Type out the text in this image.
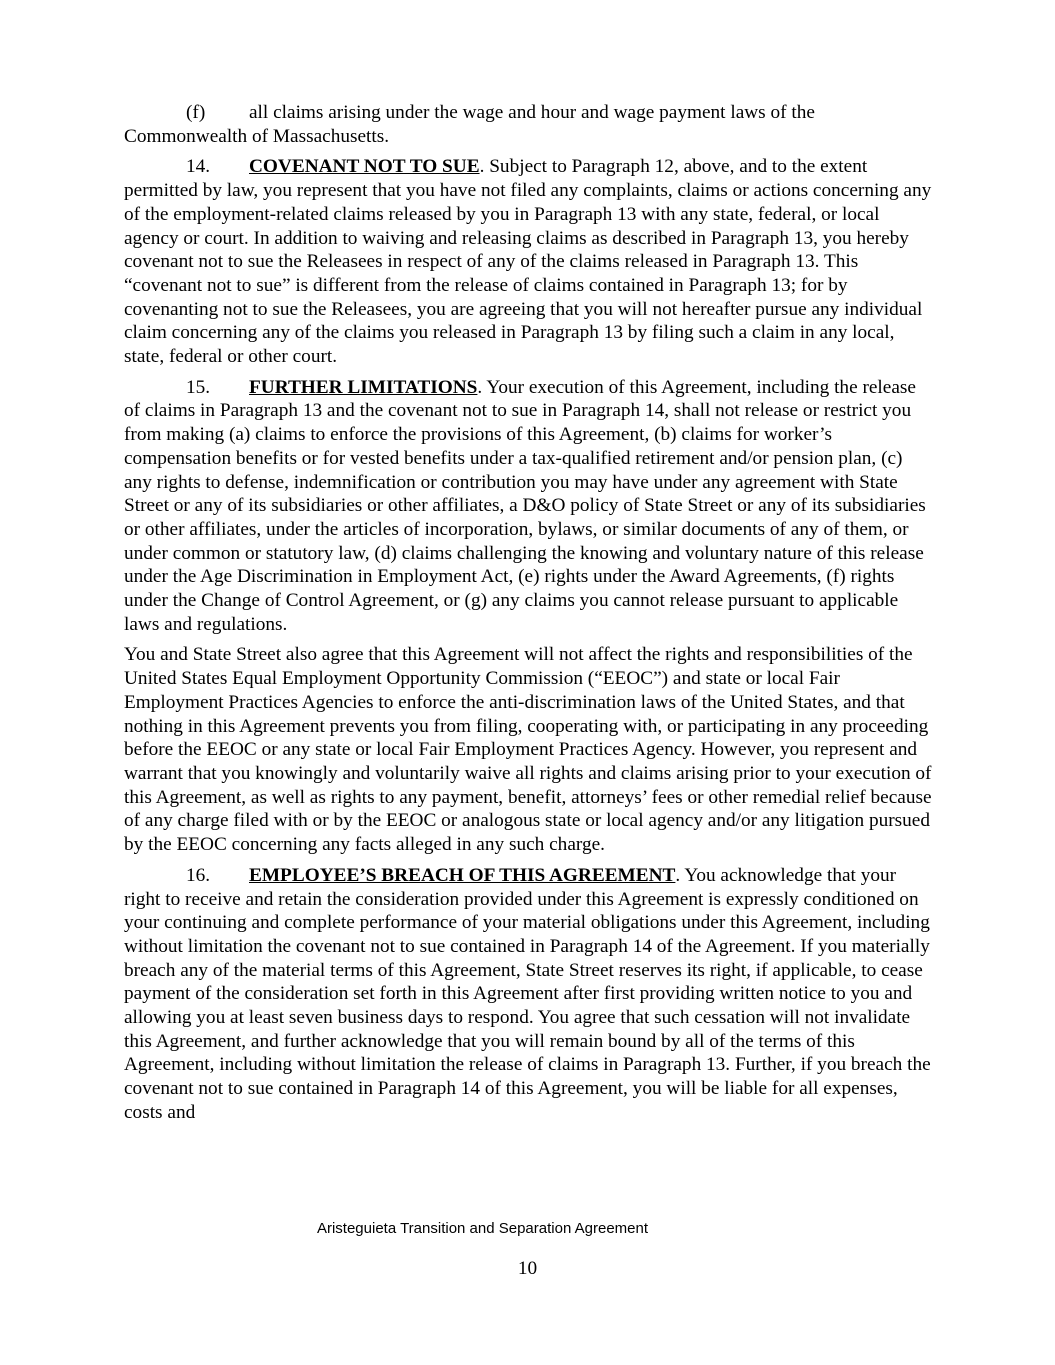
(f) all claims arising under the wage and hour and wage payment laws of the Commonwealth of Massachusetts.

14. COVENANT NOT TO SUE. Subject to Paragraph 12, above, and to the extent permitted by law, you represent that you have not filed any complaints, claims or actions concerning any of the employment-related claims released by you in Paragraph 13 with any state, federal, or local agency or court. In addition to waiving and releasing claims as described in Paragraph 13, you hereby covenant not to sue the Releasees in respect of any of the claims released in Paragraph 13. This “covenant not to sue” is different from the release of claims contained in Paragraph 13; for by covenanting not to sue the Releasees, you are agreeing that you will not hereafter pursue any individual claim concerning any of the claims you released in Paragraph 13 by filing such a claim in any local, state, federal or other court.

15. FURTHER LIMITATIONS. Your execution of this Agreement, including the release of claims in Paragraph 13 and the covenant not to sue in Paragraph 14, shall not release or restrict you from making (a) claims to enforce the provisions of this Agreement, (b) claims for worker’s compensation benefits or for vested benefits under a tax-qualified retirement and/or pension plan, (c) any rights to defense, indemnification or contribution you may have under any agreement with State Street or any of its subsidiaries or other affiliates, a D&O policy of State Street or any of its subsidiaries or other affiliates, under the articles of incorporation, bylaws, or similar documents of any of them, or under common or statutory law, (d) claims challenging the knowing and voluntary nature of this release under the Age Discrimination in Employment Act, (e) rights under the Award Agreements, (f) rights under the Change of Control Agreement, or (g) any claims you cannot release pursuant to applicable laws and regulations.

You and State Street also agree that this Agreement will not affect the rights and responsibilities of the United States Equal Employment Opportunity Commission (“EEOC”) and state or local Fair Employment Practices Agencies to enforce the anti-discrimination laws of the United States, and that nothing in this Agreement prevents you from filing, cooperating with, or participating in any proceeding before the EEOC or any state or local Fair Employment Practices Agency. However, you represent and warrant that you knowingly and voluntarily waive all rights and claims arising prior to your execution of this Agreement, as well as rights to any payment, benefit, attorneys’ fees or other remedial relief because of any charge filed with or by the EEOC or analogous state or local agency and/or any litigation pursued by the EEOC concerning any facts alleged in any such charge.

16. EMPLOYEE’S BREACH OF THIS AGREEMENT. You acknowledge that your right to receive and retain the consideration provided under this Agreement is expressly conditioned on your continuing and complete performance of your material obligations under this Agreement, including without limitation the covenant not to sue contained in Paragraph 14 of the Agreement. If you materially breach any of the material terms of this Agreement, State Street reserves its right, if applicable, to cease payment of the consideration set forth in this Agreement after first providing written notice to you and allowing you at least seven business days to respond. You agree that such cessation will not invalidate this Agreement, and further acknowledge that you will remain bound by all of the terms of this Agreement, including without limitation the release of claims in Paragraph 13. Further, if you breach the covenant not to sue contained in Paragraph 14 of this Agreement, you will be liable for all expenses, costs and

Aristeguieta Transition and Separation Agreement
10
